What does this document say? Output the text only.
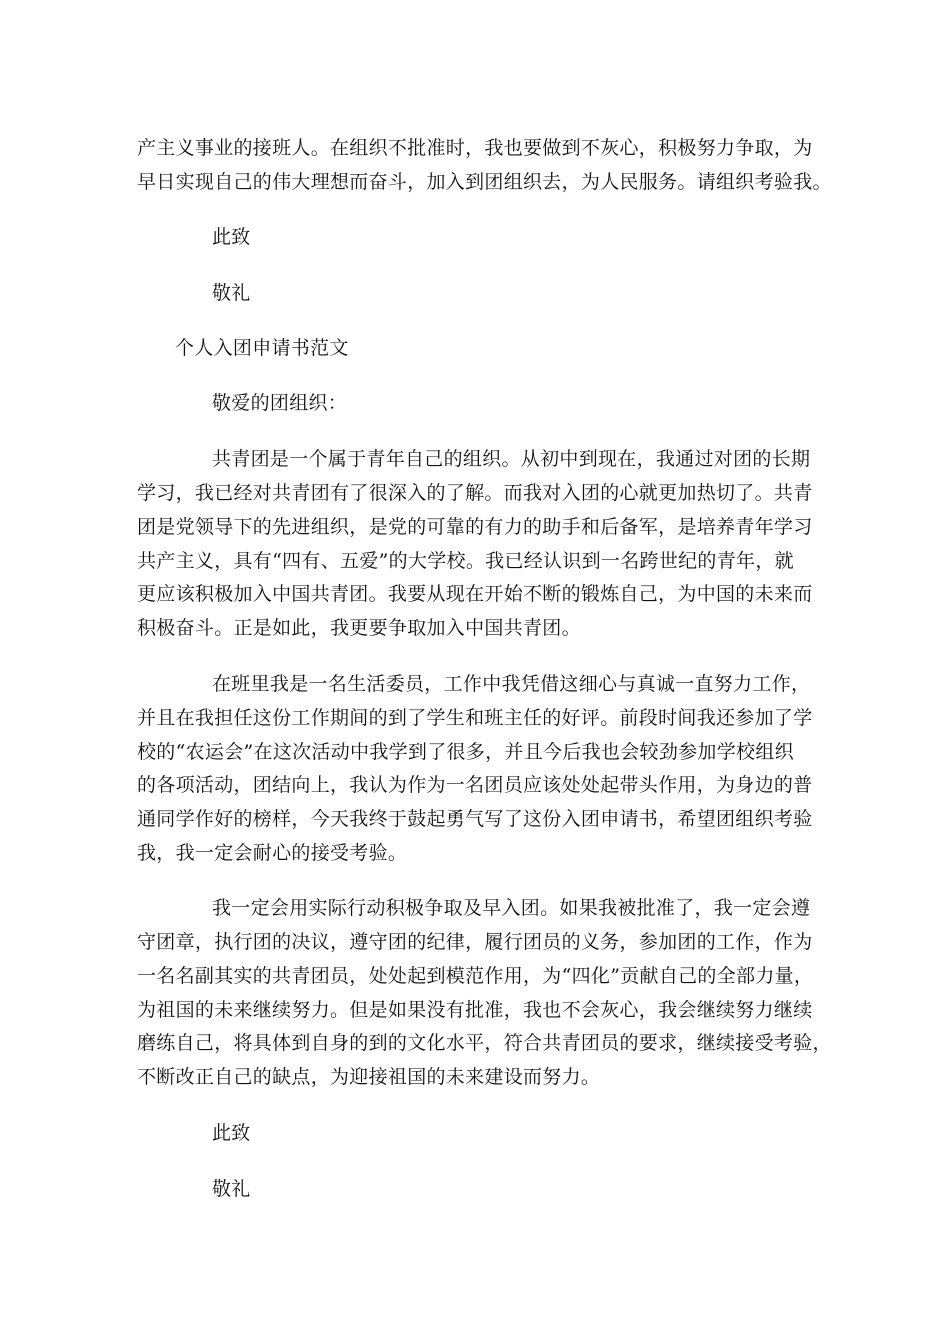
产主义事业的接班人。在组织不批准时，我也要做到不灰心，积极努力争取，为
早日实现自己的伟大理想而奋斗，加入到团组织去，为人民服务。请组织考验我。
此致
敬礼
个人入团申请书范文
敬爱的团组织：
共青团是一个属于青年自己的组织。从初中到现在，我通过对团的长期
学习，我已经对共青团有了很深入的了解。而我对入团的心就更加热切了。共青
团是党领导下的先进组织，是党的可靠的有力的助手和后备军，是培养青年学习
共产主义，具有“四有、五爱”的大学校。我已经认识到一名跨世纪的青年，就
更应该积极加入中国共青团。我要从现在开始不断的锻炼自己，为中国的未来而
积极奋斗。正是如此，我更要争取加入中国共青团。
在班里我是一名生活委员，工作中我凭借这细心与真诚一直努力工作，
并且在我担任这份工作期间的到了学生和班主任的好评。前段时间我还参加了学
校的“农运会”在这次活动中我学到了很多，并且今后我也会较劲参加学校组织
的各项活动，团结向上，我认为作为一名团员应该处处起带头作用，为身边的普
通同学作好的榜样，今天我终于鼓起勇气写了这份入团申请书，希望团组织考验
我，我一定会耐心的接受考验。
我一定会用实际行动积极争取及早入团。如果我被批准了，我一定会遵
守团章，执行团的决议，遵守团的纪律，履行团员的义务，参加团的工作，作为
一名名副其实的共青团员，处处起到模范作用，为“四化”贡献自己的全部力量，
为祖国的未来继续努力。但是如果没有批准，我也不会灰心，我会继续努力继续
磨练自己，将具体到自身的到的文化水平，符合共青团员的要求，继续接受考验，
不断改正自己的缺点，为迎接祖国的未来建设而努力。
此致
敬礼
